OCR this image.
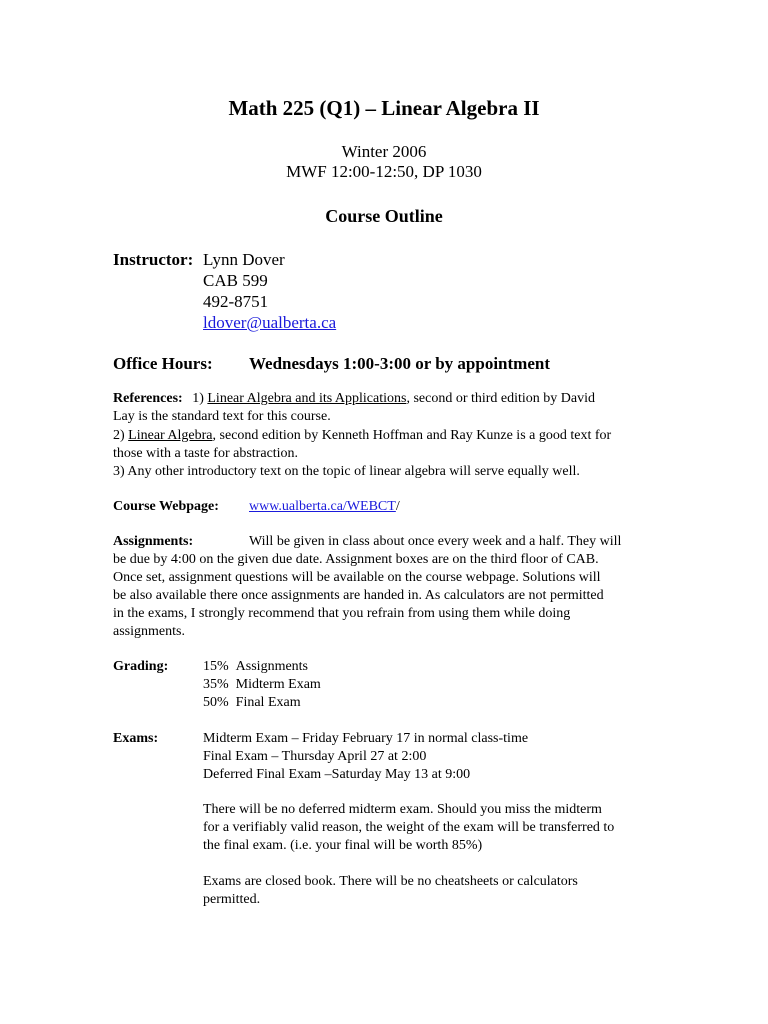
Math 225 (Q1) – Linear Algebra II
Winter 2006
MWF 12:00-12:50, DP 1030
Course Outline
Instructor: Lynn Dover
CAB 599
492-8751
ldover@ualberta.ca
Office Hours: Wednesdays 1:00-3:00 or by appointment
References: 1) Linear Algebra and its Applications, second or third edition by David
Lay is the standard text for this course.
2) Linear Algebra, second edition by Kenneth Hoffman and Ray Kunze is a good text for
those with a taste for abstraction.
3) Any other introductory text on the topic of linear algebra will serve equally well.
Course Webpage: www.ualberta.ca/WEBCT/
Assignments:	Will be given in class about once every week and a half. They will
be due by 4:00 on the given due date. Assignment boxes are on the third floor of CAB.
Once set, assignment questions will be available on the course webpage. Solutions will
be also available there once assignments are handed in. As calculators are not permitted
in the exams, I strongly recommend that you refrain from using them while doing
assignments.
Grading: 15% Assignments
35% Midterm Exam
50% Final Exam
Exams:	Midterm Exam – Friday February 17 in normal class-time
Final Exam – Thursday April 27 at 2:00
Deferred Final Exam –Saturday May 13 at 9:00
There will be no deferred midterm exam. Should you miss the midterm
for a verifiably valid reason, the weight of the exam will be transferred to
the final exam. (i.e. your final will be worth 85%)
Exams are closed book. There will be no cheatsheets or calculators
permitted.
